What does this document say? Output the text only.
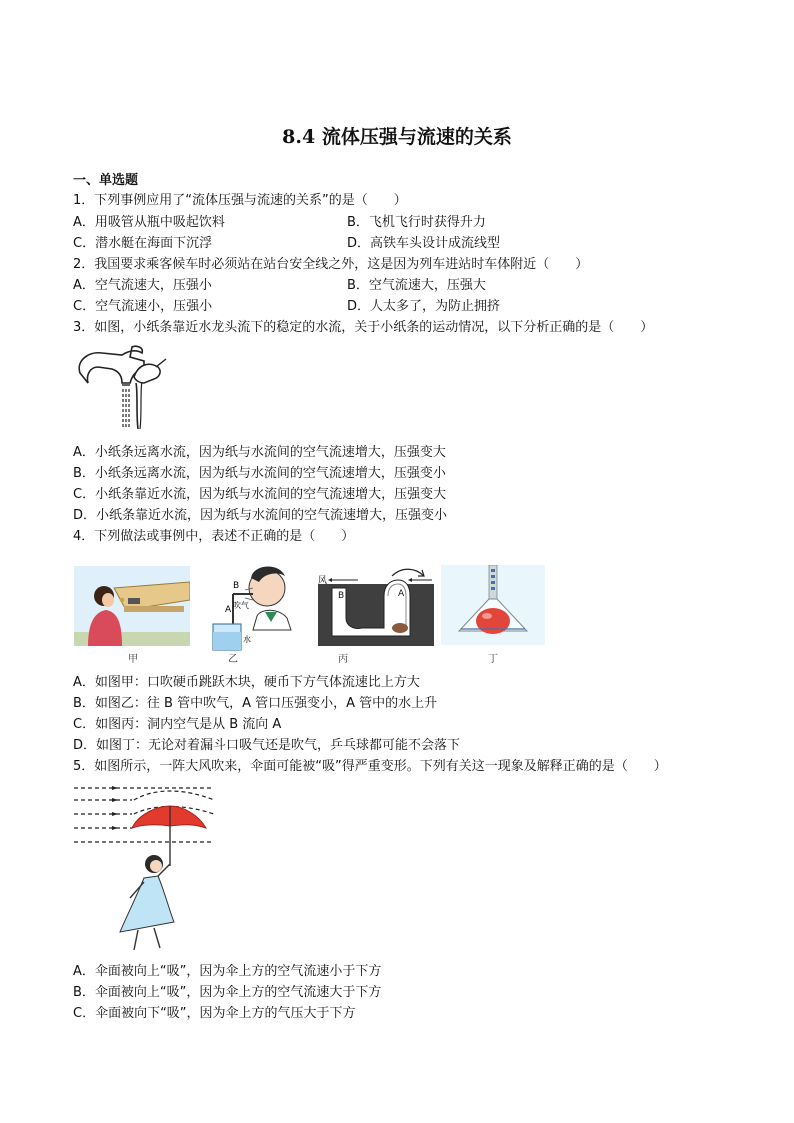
8.4 流体压强与流速的关系
一、单选题
1．下列事例应用了“流体压强与流速的关系”的是（　　）
A．用吸管从瓶中吸起饮料	B．飞机飞行时获得升力
C．潜水艇在海面下沉浮	D．高铁车头设计成流线型
2．我国要求乘客候车时必须站在站台安全线之外，这是因为列车进站时车体附近（　　）
A．空气流速大，压强小	B．空气流速大，压强大
C．空气流速小，压强小	D．人太多了，为防止拥挤
3．如图，小纸条靠近水龙头流下的稳定的水流，关于小纸条的运动情况，以下分析正确的是（　　）
A．小纸条远离水流，因为纸与水流间的空气流速增大，压强变大
B．小纸条远离水流，因为纸与水流间的空气流速增大，压强变小
C．小纸条靠近水流，因为纸与水流间的空气流速增大，压强变大
D．小纸条靠近水流，因为纸与水流间的空气流速增大，压强变小
4．下列做法或事例中，表述不正确的是（　　）
甲
B
A 吹气
水
乙
风
B	A
丙	丁
A．如图甲：口吹硬币跳跃木块，硬币下方气体流速比上方大
B．如图乙：往 B 管中吹气，A 管口压强变小，A 管中的水上升
C．如图丙：洞内空气是从 B 流向 A
D．如图丁：无论对着漏斗口吸气还是吹气，乒乓球都可能不会落下
5．如图所示，一阵大风吹来，伞面可能被“吸”得严重变形。下列有关这一现象及解释正确的是（　　）
A．伞面被向上“吸”，因为伞上方的空气流速小于下方
B．伞面被向上“吸”，因为伞上方的空气流速大于下方
C．伞面被向下“吸”，因为伞上方的气压大于下方
